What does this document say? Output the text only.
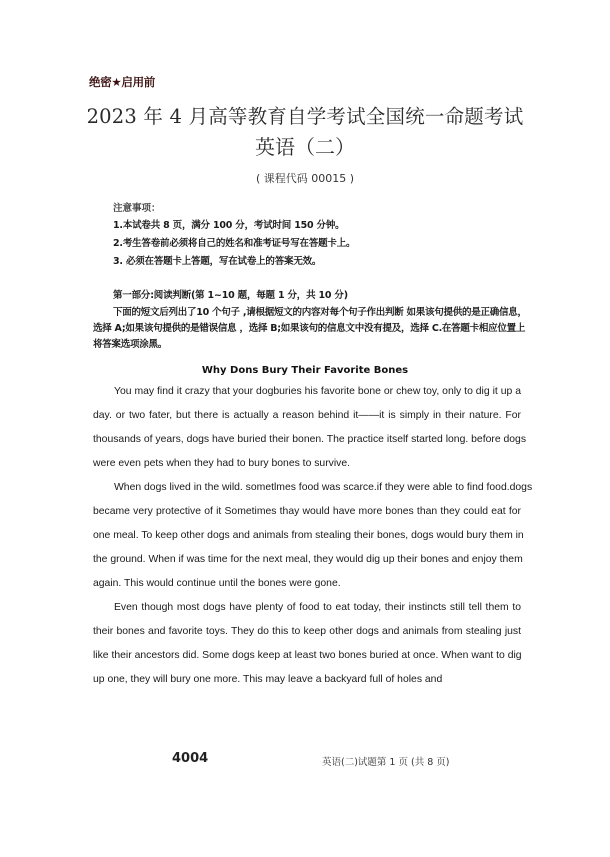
绝密★启用前
2023 年 4 月高等教育自学考试全国统一命题考试
英语（二）
( 课程代码 00015 )
注意事项：
1.本试卷共 8 页，满分 100 分，考试时间 150 分钟。
2.考生答卷前必须将自己的姓名和准考证号写在答题卡上。
3. 必须在答题卡上答题，写在试卷上的答案无效。
第一部分:阅读判断(第 1~10 题，每题 1 分，共 10 分)
下面的短文后列出了10 个句子 ,请根据短文的内容对每个句子作出判断 如果该句提供的是正确信息，
选择 A;如果该句提供的是错误信息 ，选择 B;如果该句的信息文中没有提及，选择 C.在答题卡相应位置上
将答案选项涂黑。
Why Dons Bury Their Favorite Bones
You may find it crazy that your dogburies his favorite bone or chew toy, only to dig it up a
day. or two fater, but there is actually a reason behind it——it is simply in their nature. For
thousands of years, dogs have buried their bonen. The practice itself started long. before dogs
were even pets when they had to bury bones to survive.
When dogs lived in the wild. sometlmes food was scarce.if they were able to find food.dogs
became very protective of it Sometimes thay would have more bones than they could eat for
one meal. To keep other dogs and animals from stealing their bones, dogs would bury them in
the ground. When if was time for the next meal, they would dig up their bones and enjoy them
again. This would continue until the bones were gone.
Even though most dogs have plenty of food to eat today, their instincts still tell them to
their bones and favorite toys. They do this to keep other dogs and animals from stealing just
like their ancestors did. Some dogs keep at least two bones buried at once. When want to dig
up one, they will bury one more. This may leave a backyard full of holes and
4004	英语(二)试题第 1 页 (共 8 页)
